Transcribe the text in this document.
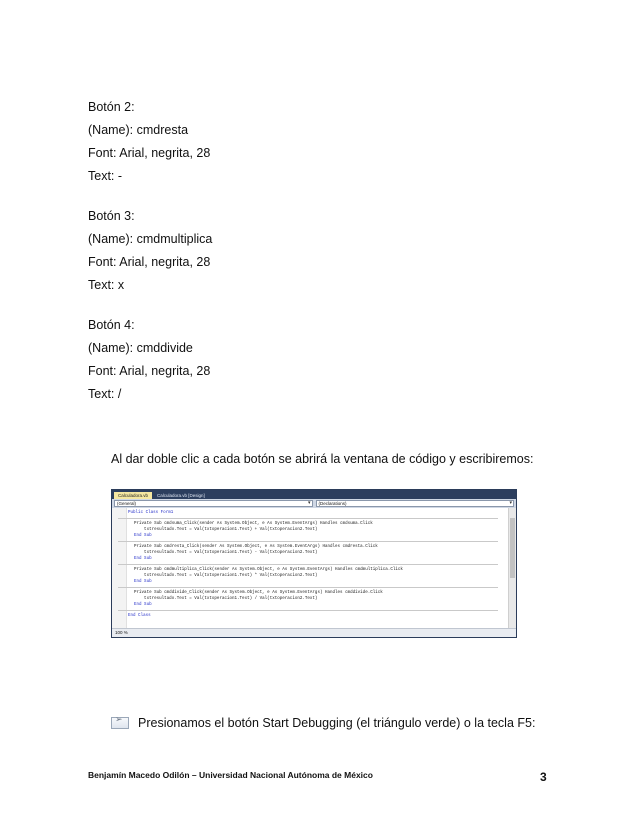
Botón 2:
(Name): cmdresta
Font: Arial, negrita, 28
Text: -
Botón 3:
(Name): cmdmultiplica
Font: Arial, negrita, 28
Text: x
Botón 4:
(Name): cmddivide
Font: Arial, negrita, 28
Text: /
Al dar doble clic a cada botón se abrirá la ventana de código y escribiremos:
Calculadora.vb	Calculadora.vb [Design]
(General) ▾	(Declarations) ▾
Public Class Form1
Private Sub cmdsuma_Click(sender As System.Object, e As System.EventArgs) Handles cmdsuma.Click
txtresultado.Text = Val(txtoperacion1.Text) + Val(txtoperacion2.Text)
End Sub
Private Sub cmdresta_Click(sender As System.Object, e As System.EventArgs) Handles cmdresta.Click
txtresultado.Text = Val(txtoperacion1.Text) - Val(txtoperacion2.Text)
End Sub
Private Sub cmdmultiplica_Click(sender As System.Object, e As System.EventArgs) Handles cmdmultiplica.Click
txtresultado.Text = Val(txtoperacion1.Text) * Val(txtoperacion2.Text)
End Sub
Private Sub cmddivide_Click(sender As System.Object, e As System.EventArgs) Handles cmddivide.Click
txtresultado.Text = Val(txtoperacion1.Text) / Val(txtoperacion2.Text)
End Sub
End Class
100 %
➢
Presionamos el botón Start Debugging (el triángulo verde) o la tecla F5:
Benjamín Macedo Odilón – Universidad Nacional Autónoma de México	3
